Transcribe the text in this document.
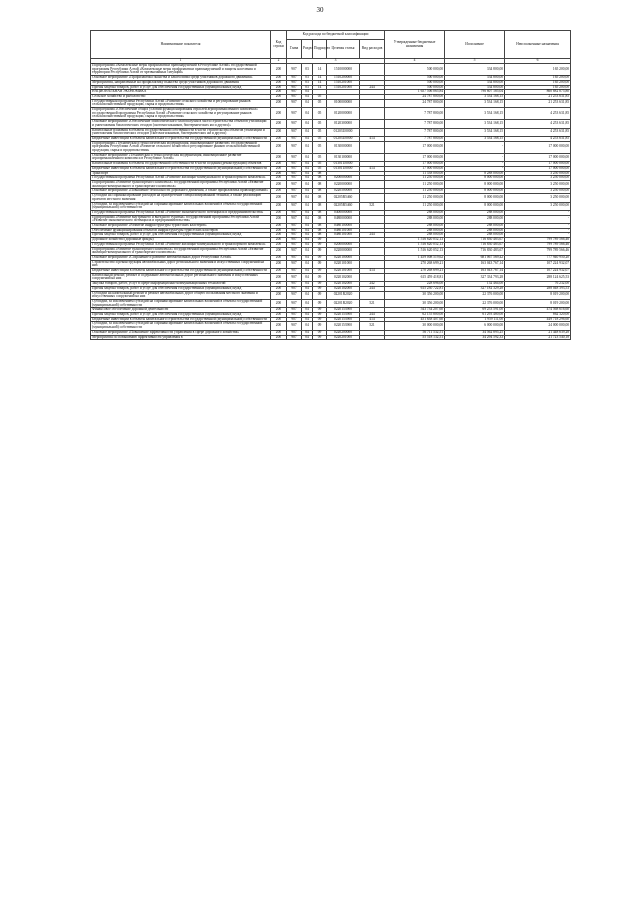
30
Наименование показателя	Код строки	Код расхода по бюджетной классификации					Утвержденные бюджетные назначения	Исполнение	Неисполненные назначения
		Глава	Раздел	Подраздел	Целевая статья	Вид расходов			
1	2	3					4	5	6
Подпрограмма «Комплексные меры профилактики правонарушений в Республике Алтай» государственной программы Республики Алтай «Комплексные меры профилактики правонарушений и защиты населения и территории Республики Алтай от чрезвычайных ситуаций»	200	907	03	14	1510000000		500 000,00	334 800,00	165 200,00
Основное мероприятие «Профилактика пьянства и алкоголизма среди участников дорожного движения»	200	907	03	14	1510200000		500 000,00	334 800,00	165 200,00
Мероприятия, направленные на профилактику пьянства среди участников дорожного движения	200	907	03	14	1510201000		500 000,00	334 800,00	165 200,00
Прочая закупка товаров, работ и услуг для обеспечения государственных (муниципальных) нужд	200	907	03	14	1510201000	244	500 000,00	334 800,00	165 200,00
НАЦИОНАЛЬНАЯ ЭКОНОМИКА	200	907	04				1 657 506 065,84	796 607 185,04	860 882 875,80
Сельское хозяйство и рыболовство	200	907	04	05			24 787 800,00	3 534 168,15	21 253 631,85
Государственная программа Республики Алтай «Развитие сельского хозяйства и регулирование рынков сельскохозяйственной продукции, сырья и продовольствия»	200	907	04	05	0100000000		24 787 800,00	3 534 168,15	21 253 631,85
Подпрограмма «Обеспечение общих условий функционирования отраслей агропромышленного комплекса» государственной программы Республики Алтай «Развитие сельского хозяйства и регулирование рынков сельскохозяйственной продукции, сырья и продовольствия»	200	907	04	05	0120000000		7 787 800,00	3 534 168,15	4 253 631,85
Основное мероприятие «Обеспечение эпизоотического благополучия в части строительства объектов утилизации и уничтожения биологических отходов (скотомогильников, биотермических ям и других)»	200	907	04	05	0120300000		7 787 800,00	3 534 168,15	4 253 631,85
Капитальные вложения в объекты государственной собственности в части строительства объектов утилизации и уничтожения биологических отходов (скотомогильников, биотермических ям и других)	200	907	04	05	01203U0000		7 787 800,00	3 534 168,15	4 253 631,85
Бюджетные инвестиции в объекты капитального строительства государственной (муниципальной) собственности	200	907	04	05	01203U0000	414	7 787 800,00	3 534 168,15	4 253 631,85
Подпрограмма «Техническая и технологическая модернизация, инновационное развитие» государственной программы Республики Алтай «Развитие сельского хозяйства и регулирование рынков сельскохозяйственной продукции, сырья и продовольствия»	200	907	04	05	0130000000		17 000 000,00	-	17 000 000,00
Основное мероприятие «Техническая и технологическая модернизация, инновационное развитие агропромышленного комплекса в Республике Алтай»	200	907	04	05	0130100000		17 000 000,00	-	17 000 000,00
Капитальные вложения в объекты государственной собственности в части создания (реконструкции) объектов	200	907	04	05	01301U0000		17 000 000,00	-	17 000 000,00
Бюджетные инвестиции в объекты капитального строительства государственной (муниципальной) собственности	200	907	04	05	01301U0000	414	17 000 000,00	-	17 000 000,00
Транспорт	200	907	04	08			11 538 000,00	8 288 000,00	3 250 000,00
Государственная программа Республики Алтай «Развитие жилищно-коммунального и транспортного комплекса»	200	907	04	08	0200000000		11 250 000,00	8 000 000,00	3 250 000,00
Подпрограмма «Развитие транспортного комплекса» государственной программы Республики Алтай «Развитие жилищно-коммунального и транспортного комплекса»	200	907	04	08	0220000000		11 250 000,00	8 000 000,00	3 250 000,00
Основное мероприятие «Повышение безопасности дорожного движения, а также профилактика правонарушений»	200	907	04	08	0220500000		11 250 000,00	8 000 000,00	3 250 000,00
Субсидии на софинансирование расходов на приобретение специализированной техники, а также реализацию проектов местного значения	200	907	04	08	02205R5460		11 250 000,00	8 000 000,00	3 250 000,00
Субсидии, за исключением субсидий на софинансирование капитальных вложений в объекты государственной (муниципальной) собственности	200	907	04	08	02205R5460	521	11 250 000,00	8 000 000,00	3 250 000,00
Государственная программа Республики Алтай «Развитие экономического потенциала и предпринимательства»	200	907	04	08	0400000000		288 000,00	288 000,00	-
Подпрограмма «Развитие внутреннего и въездного туризма» государственной программы Республики Алтай «Развитие экономического потенциала и предпринимательства»	200	907	04	08	0480000000		288 000,00	288 000,00	-
Основное мероприятие «Развитие инфраструктуры туристских кластеров»	200	907	04	08	0480100000		288 000,00	288 000,00	-
Обеспечение функционирования объектов инфраструктуры туристских кластеров	200	907	04	08	0480101000		288 000,00	288 000,00	-
Прочая закупка товаров, работ и услуг для обеспечения государственных (муниципальных) нужд	200	907	04	08	0480101000	244	288 000,00	288 000,00	-
Дорожное хозяйство (дорожные фонды)	200	907	04	09			1 516 620 052,13	716 830 483,67	799 789 566,46
Государственная программа Республики Алтай «Развитие жилищно-коммунального и транспортного комплекса»	200	907	04	09	0200000000		1 516 620 052,13	716 830 483,67	799 789 566,46
Подпрограмма «Развитие транспортного комплекса» государственной программы Республики Алтай «Развитие жилищно-коммунального и транспортного комплекса»	200	907	04	09	0220000000		1 516 620 052,13	716 830 483,67	799 789 566,46
Основное мероприятие «Сохранение и развитие автомобильных дорог Республики Алтай»	200	907	04	09	0220100000		1 459 008 519,62	681 067 569,42	777 940 950,20
Строительство и реконструкция автомобильных дорог регионального значения и искусственных сооружений на них	200	907	04	09	0220101000		270 268 699,21	163 043 767,14	107 224 932,07
Бюджетные инвестиции в объекты капитального строительства государственной (муниципальной) собственности	200	907	04	09	0220101000	414	270 268 699,21	163 043 767,14	107 224 932,07
Капитальный ремонт, ремонт и содержание автомобильных дорог регионального значения и искусственных сооружений на них	200	907	04	09	0220102000		615 459 418,81	327 334 793,28	288 124 625,53
Закупка товаров, работ, услуг в сфере информационно-коммуникационных технологий	200	907	04	09	0220102000	242	228 696,00	152 464,00	76 232,00
Прочая закупка товаров, работ и услуг для обеспечения государственных (муниципальных) нужд	200	907	04	09	0220102000	244	615 230 722,81	327 182 329,28	288 048 393,53
Субсидии на капитальный ремонт и ремонт автомобильных дорог общего пользования местного значения и искусственных сооружений на них	200	907	04	09	02201R2020		30 356 200,00	22 376 000,00	8 019 200,00
Субсидии, за исключением субсидий на софинансирование капитальных вложений в объекты государственной (муниципальной) собственности	200	907	04	09	02201R2020	521	30 356 200,00	22 376 000,00	8 019 200,00
Финансовое обеспечение дорожной деятельности	200	907	04	09	0220153900		543 734 207,60	69 253 591,00	474 568 616,60
Прочая закупка товаров, работ и услуг для обеспечения государственных (муниципальных) нужд	200	907	04	09	0220153900	244	62 155 800,00	61 293 480,00	862 320,00
Бюджетные инвестиции в объекты капитального строительства государственной (муниципальной) собственности	200	907	04	09	0220153900	414	451 638 407,60	1 959 111,00	449 718 296,60
Субсидии, за исключением субсидий на софинансирование капитальных вложений в объекты государственной (муниципальной) собственности	200	907	04	09	0220153900	521	30 000 000,00	6 000 000,00	24 000 000,00
Основное мероприятие «Повышение эффективности управления в сфере дорожного хозяйства»	200	907	04	09	0220200000		56 711 532,51	34 562 895,25	21 448 639,28
Мероприятия по повышению эффективности управления в	200	907	04	09	0220201000		55 518 132,51	34 294 592,33	21 723 540,18
